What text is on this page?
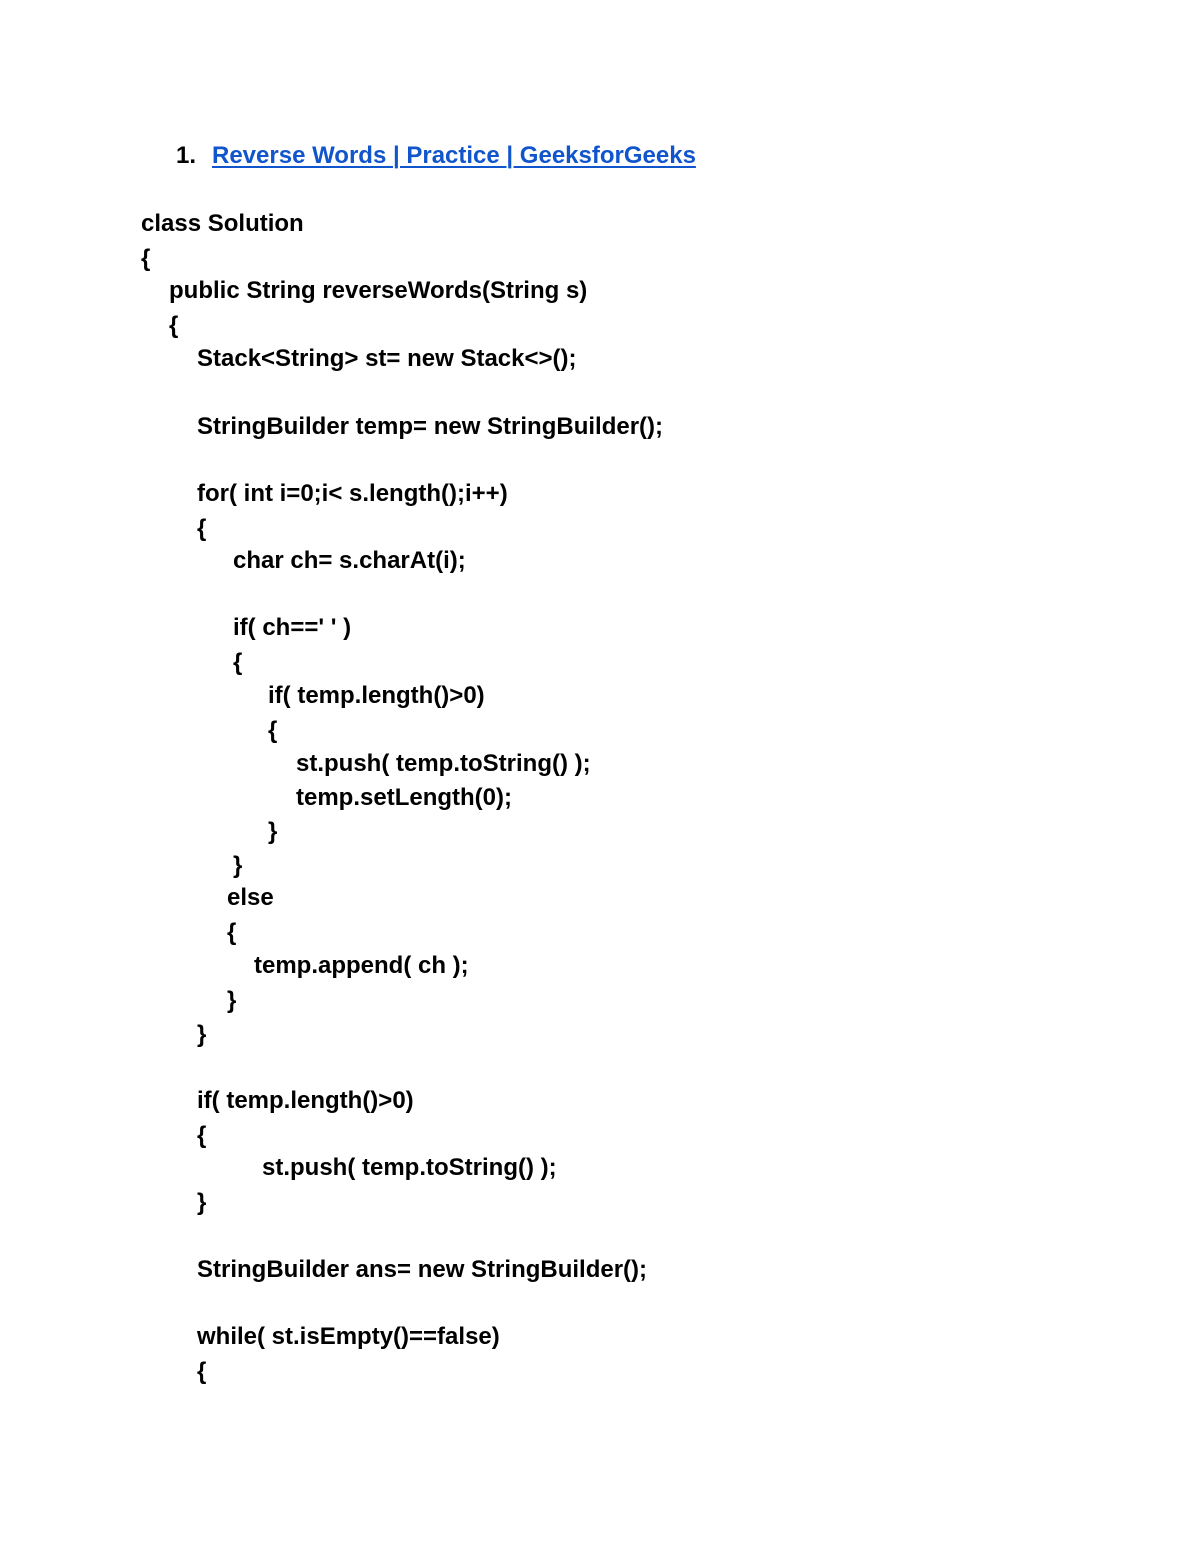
1. Reverse Words | Practice | GeeksforGeeks
class Solution
{
public String reverseWords(String s)
{
Stack<String> st= new Stack<>();
StringBuilder temp= new StringBuilder();
for( int i=0;i< s.length();i++)
{
char ch= s.charAt(i);
if( ch==' ' )
{
if( temp.length()>0)
{
st.push( temp.toString() );
temp.setLength(0);
}
}
else
{
temp.append( ch );
}
}
if( temp.length()>0)
{
st.push( temp.toString() );
}
StringBuilder ans= new StringBuilder();
while( st.isEmpty()==false)
{
